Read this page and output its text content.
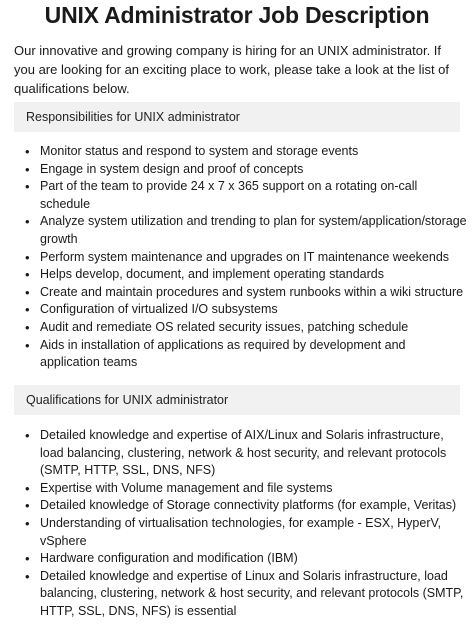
UNIX Administrator Job Description

Our innovative and growing company is hiring for an UNIX administrator. If you are looking for an exciting place to work, please take a look at the list of qualifications below.

Responsibilities for UNIX administrator
• Monitor status and respond to system and storage events
• Engage in system design and proof of concepts
• Part of the team to provide 24 x 7 x 365 support on a rotating on-call schedule
• Analyze system utilization and trending to plan for system/application/storage growth
• Perform system maintenance and upgrades on IT maintenance weekends
• Helps develop, document, and implement operating standards
• Create and maintain procedures and system runbooks within a wiki structure
• Configuration of virtualized I/O subsystems
• Audit and remediate OS related security issues, patching schedule
• Aids in installation of applications as required by development and application teams
Qualifications for UNIX administrator
• Detailed knowledge and expertise of AIX/Linux and Solaris infrastructure, load balancing, clustering, network & host security, and relevant protocols (SMTP, HTTP, SSL, DNS, NFS)
• Expertise with Volume management and file systems
• Detailed knowledge of Storage connectivity platforms (for example, Veritas)
• Understanding of virtualisation technologies, for example - ESX, HyperV, vSphere
• Hardware configuration and modification (IBM)
• Detailed knowledge and expertise of Linux and Solaris infrastructure, load balancing, clustering, network & host security, and relevant protocols (SMTP, HTTP, SSL, DNS, NFS) is essential
